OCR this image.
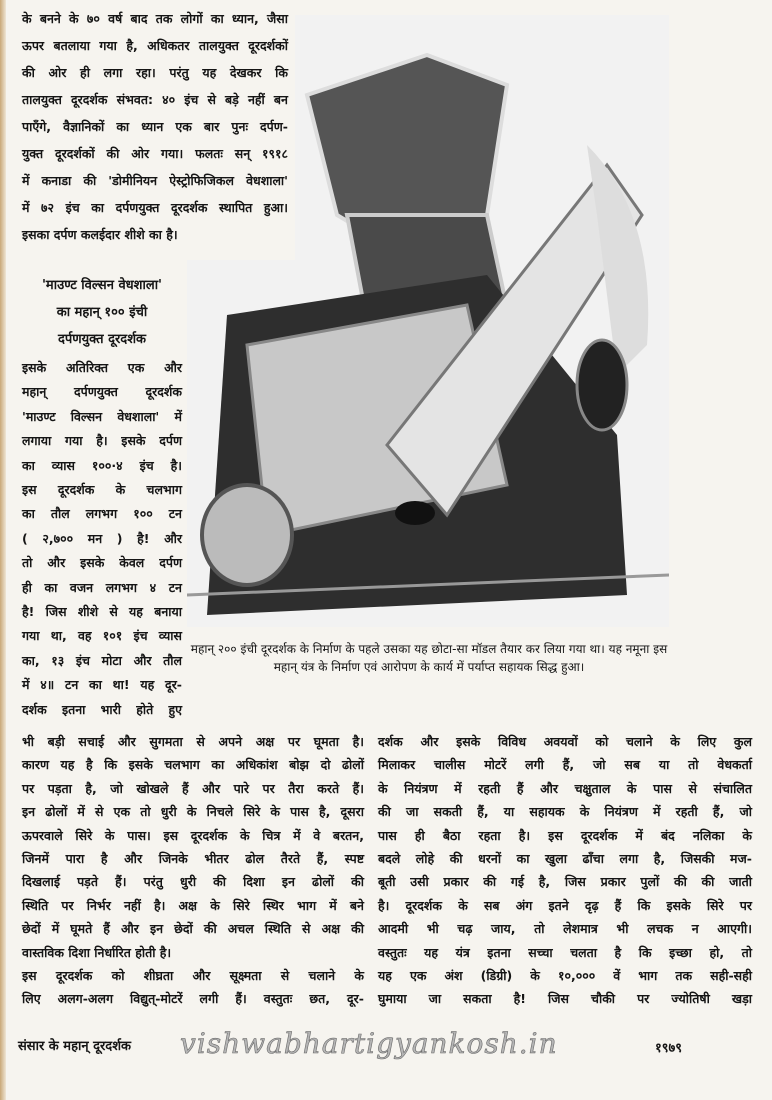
के बनने के ७० वर्ष बाद तक लोगों का ध्यान, जैसा
ऊपर बतलाया गया है, अधिकतर तालयुक्त दूरदर्शकों
की ओर ही लगा रहा। परंतु यह देखकर कि
तालयुक्त दूरदर्शक संभवत: ४० इंच से बड़े नहीं बन
पाएँगे, वैज्ञानिकों का ध्यान एक बार पुनः दर्पण-
युक्त दूरदर्शकों की ओर गया। फलतः सन् १९१८
में कनाडा की 'डोमीनियन ऐस्ट्रोफिजिकल वेधशाला'
में ७२ इंच का दर्पणयुक्त दूरदर्शक स्थापित हुआ।
इसका दर्पण कलईदार शीशे का है।
'माउण्ट विल्सन वेधशाला'
का महान् १०० इंची
दर्पणयुक्त दूरदर्शक
इसके अतिरिक्त एक और
महान् दर्पणयुक्त दूरदर्शक
'माउण्ट विल्सन वेधशाला' में
लगाया गया है। इसके दर्पण
का व्यास १००·४ इंच है।
इस दूरदर्शक के चलभाग
का तौल लगभग १०० टन
( २,७०० मन ) है! और
तो और इसके केवल दर्पण
ही का वजन लगभग ४ टन
है! जिस शीशे से यह बनाया
गया था, वह १०१ इंच व्यास
का, १३ इंच मोटा और तौल
में ४॥ टन का था! यह दूर-
दर्शक इतना भारी होते हुए
महान् २०० इंची दूरदर्शक के निर्माण के पहले उसका यह छोटा-सा मॉडल तैयार कर लिया गया था। यह नमूना इस महान् यंत्र के निर्माण एवं आरोपण के कार्य में पर्याप्त सहायक सिद्ध हुआ।
भी बड़ी सचाई और सुगमता से अपने अक्ष पर घूमता है।
कारण यह है कि इसके चलभाग का अधिकांश बोझ दो ढोलों
पर पड़ता है, जो खोखले हैं और पारे पर तैरा करते हैं।
इन ढोलों में से एक तो धुरी के निचले सिरे के पास है, दूसरा
ऊपरवाले सिरे के पास। इस दूरदर्शक के चित्र में वे बरतन,
जिनमें पारा है और जिनके भीतर ढोल तैरते हैं, स्पष्ट
दिखलाई पड़ते हैं। परंतु धुरी की दिशा इन ढोलों की
स्थिति पर निर्भर नहीं है। अक्ष के सिरे स्थिर भाग में बने
छेदों में घूमते हैं और इन छेदों की अचल स्थिति से अक्ष की
वास्तविक दिशा निर्धारित होती है।
इस दूरदर्शक को शीघ्रता और सूक्ष्मता से चलाने के
लिए अलग-अलग विद्युत्-मोटरें लगी हैं। वस्तुतः छत, दूर-
दर्शक और इसके विविध अवयवों को चलाने के लिए कुल
मिलाकर चालीस मोटरें लगी हैं, जो सब या तो वेधकर्ता
के नियंत्रण में रहती हैं और चक्षुताल के पास से संचालित
की जा सकती हैं, या सहायक के नियंत्रण में रहती हैं, जो
पास ही बैठा रहता है। इस दूरदर्शक में बंद नलिका के
बदले लोहे की धरनों का खुला ढाँचा लगा है, जिसकी मज-
बूती उसी प्रकार की गई है, जिस प्रकार पुलों की की जाती
है। दूरदर्शक के सब अंग इतने दृढ़ हैं कि इसके सिरे पर
आदमी भी चढ़ जाय, तो लेशमात्र भी लचक न आएगी।
वस्तुतः यह यंत्र इतना सच्चा चलता है कि इच्छा हो, तो
यह एक अंश (डिग्री) के १०,००० वें भाग तक सही-सही
घुमाया जा सकता है! जिस चौकी पर ज्योतिषी खड़ा
संसार के महान् दूरदर्शक vishwabhartigyankosh.in	१९७९
